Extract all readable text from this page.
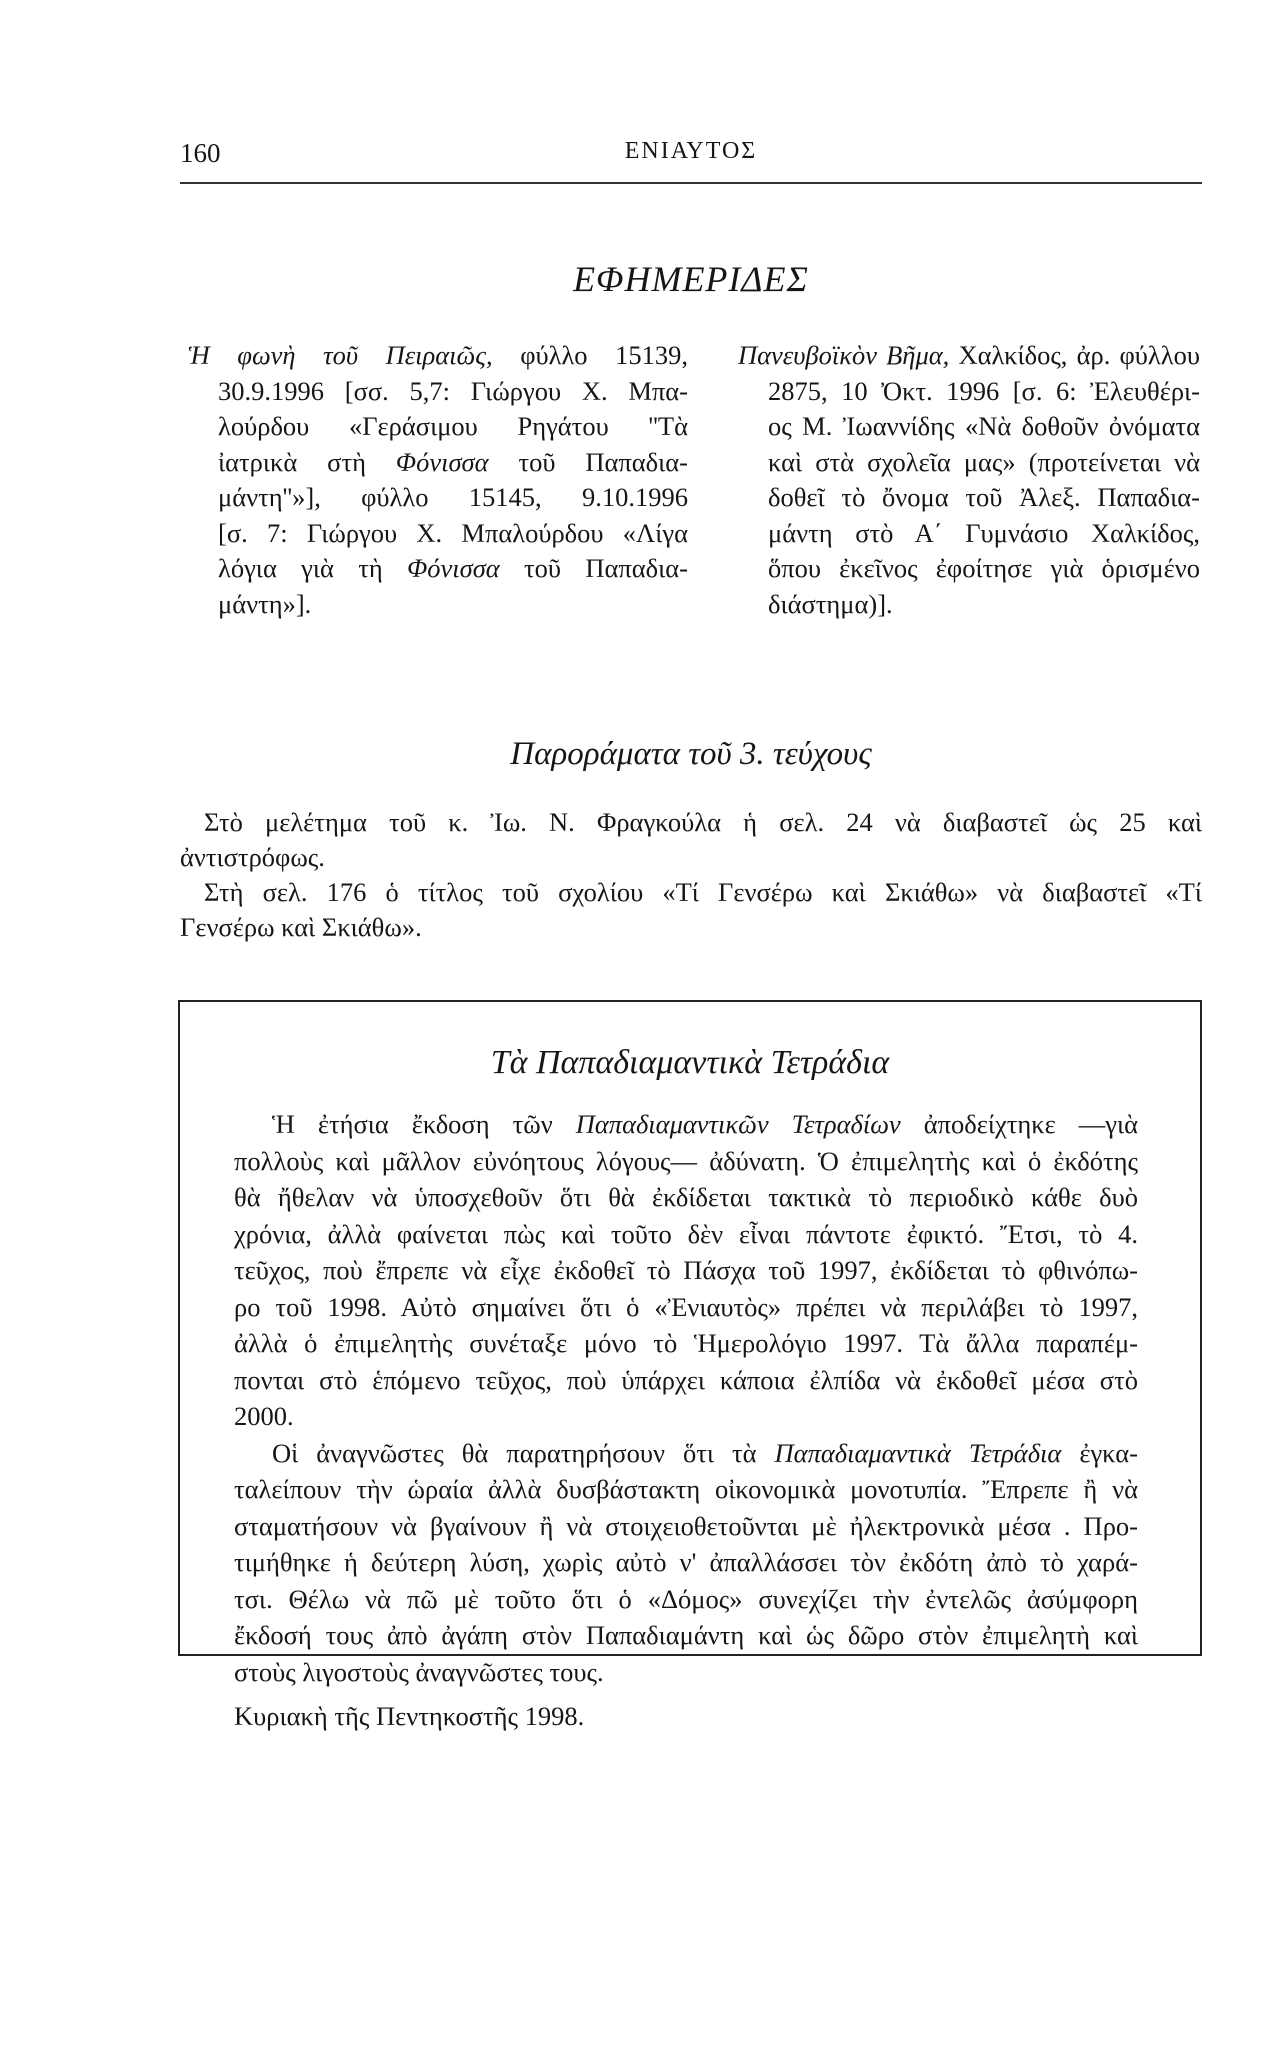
160	ΕΝΙΑΥΤΟΣ
ΕΦΗΜΕΡΙΔΕΣ
Ἡ φωνὴ τοῦ Πειραιῶς, φύλλο 15139,
30.9.1996 [σσ. 5,7: Γιώργου Χ. Μπα-
λούρδου «Γεράσιμου Ρηγάτου ''Τὰ
ἰατρικὰ στὴ Φόνισσα τοῦ Παπαδια-
μάντη''»], φύλλο 15145, 9.10.1996
[σ. 7: Γιώργου Χ. Μπαλούρδου «Λίγα
λόγια γιὰ τὴ Φόνισσα τοῦ Παπαδια-
μάντη»].
Πανευβοϊκὸν Βῆμα, Χαλκίδος, ἀρ. φύλλου
2875, 10 Ὀκτ. 1996 [σ. 6: Ἐλευθέρι-
ος Μ. Ἰωαννίδης «Νὰ δοθοῦν ὀνόματα
καὶ στὰ σχολεῖα μας» (προτείνεται νὰ
δοθεῖ τὸ ὄνομα τοῦ Ἀλεξ. Παπαδια-
μάντη στὸ Α΄ Γυμνάσιο Χαλκίδος,
ὅπου ἐκεῖνος ἐφοίτησε γιὰ ὁρισμένο
διάστημα)].
Παροράματα τοῦ 3. τεύχους
Στὸ μελέτημα τοῦ κ. Ἰω. Ν. Φραγκούλα ἡ σελ. 24 νὰ διαβαστεῖ ὡς 25 καὶ
ἀντιστρόφως.
Στὴ σελ. 176 ὁ τίτλος τοῦ σχολίου «Τί Γενσέρω καὶ Σκιάθω» νὰ διαβαστεῖ «Τί
Γενσέρω καὶ Σκιάθω».
Τὰ Παπαδιαμαντικὰ Τετράδια
Ἡ ἐτήσια ἔκδοση τῶν Παπαδιαμαντικῶν Τετραδίων ἀποδείχτηκε —γιὰ
πολλοὺς καὶ μᾶλλον εὐνόητους λόγους— ἀδύνατη. Ὁ ἐπιμελητὴς καὶ ὁ ἐκδότης
θὰ ἤθελαν νὰ ὑποσχεθοῦν ὅτι θὰ ἐκδίδεται τακτικὰ τὸ περιοδικὸ κάθε δυὸ
χρόνια, ἀλλὰ φαίνεται πὼς καὶ τοῦτο δὲν εἶναι πάντοτε ἐφικτό. Ἔτσι, τὸ 4.
τεῦχος, ποὺ ἔπρεπε νὰ εἶχε ἐκδοθεῖ τὸ Πάσχα τοῦ 1997, ἐκδίδεται τὸ φθινόπω-
ρο τοῦ 1998. Αὐτὸ σημαίνει ὅτι ὁ «Ἐνιαυτὸς» πρέπει νὰ περιλάβει τὸ 1997,
ἀλλὰ ὁ ἐπιμελητὴς συνέταξε μόνο τὸ Ἡμερολόγιο 1997. Τὰ ἄλλα παραπέμ-
πονται στὸ ἑπόμενο τεῦχος, ποὺ ὑπάρχει κάποια ἐλπίδα νὰ ἐκδοθεῖ μέσα στὸ
2000.
Οἱ ἀναγνῶστες θὰ παρατηρήσουν ὅτι τὰ Παπαδιαμαντικὰ Τετράδια ἐγκα-
ταλείπουν τὴν ὡραία ἀλλὰ δυσβάστακτη οἰκονομικὰ μονοτυπία. Ἔπρεπε ἢ νὰ
σταματήσουν νὰ βγαίνουν ἢ νὰ στοιχειοθετοῦνται μὲ ἠλεκτρονικὰ μέσα . Προ-
τιμήθηκε ἡ δεύτερη λύση, χωρὶς αὐτὸ ν' ἀπαλλάσσει τὸν ἐκδότη ἀπὸ τὸ χαρά-
τσι. Θέλω νὰ πῶ μὲ τοῦτο ὅτι ὁ «Δόμος» συνεχίζει τὴν ἐντελῶς ἀσύμφορη
ἔκδοσή τους ἀπὸ ἀγάπη στὸν Παπαδιαμάντη καὶ ὡς δῶρο στὸν ἐπιμελητὴ καὶ
στοὺς λιγοστοὺς ἀναγνῶστες τους.
Κυριακὴ τῆς Πεντηκοστῆς 1998.
